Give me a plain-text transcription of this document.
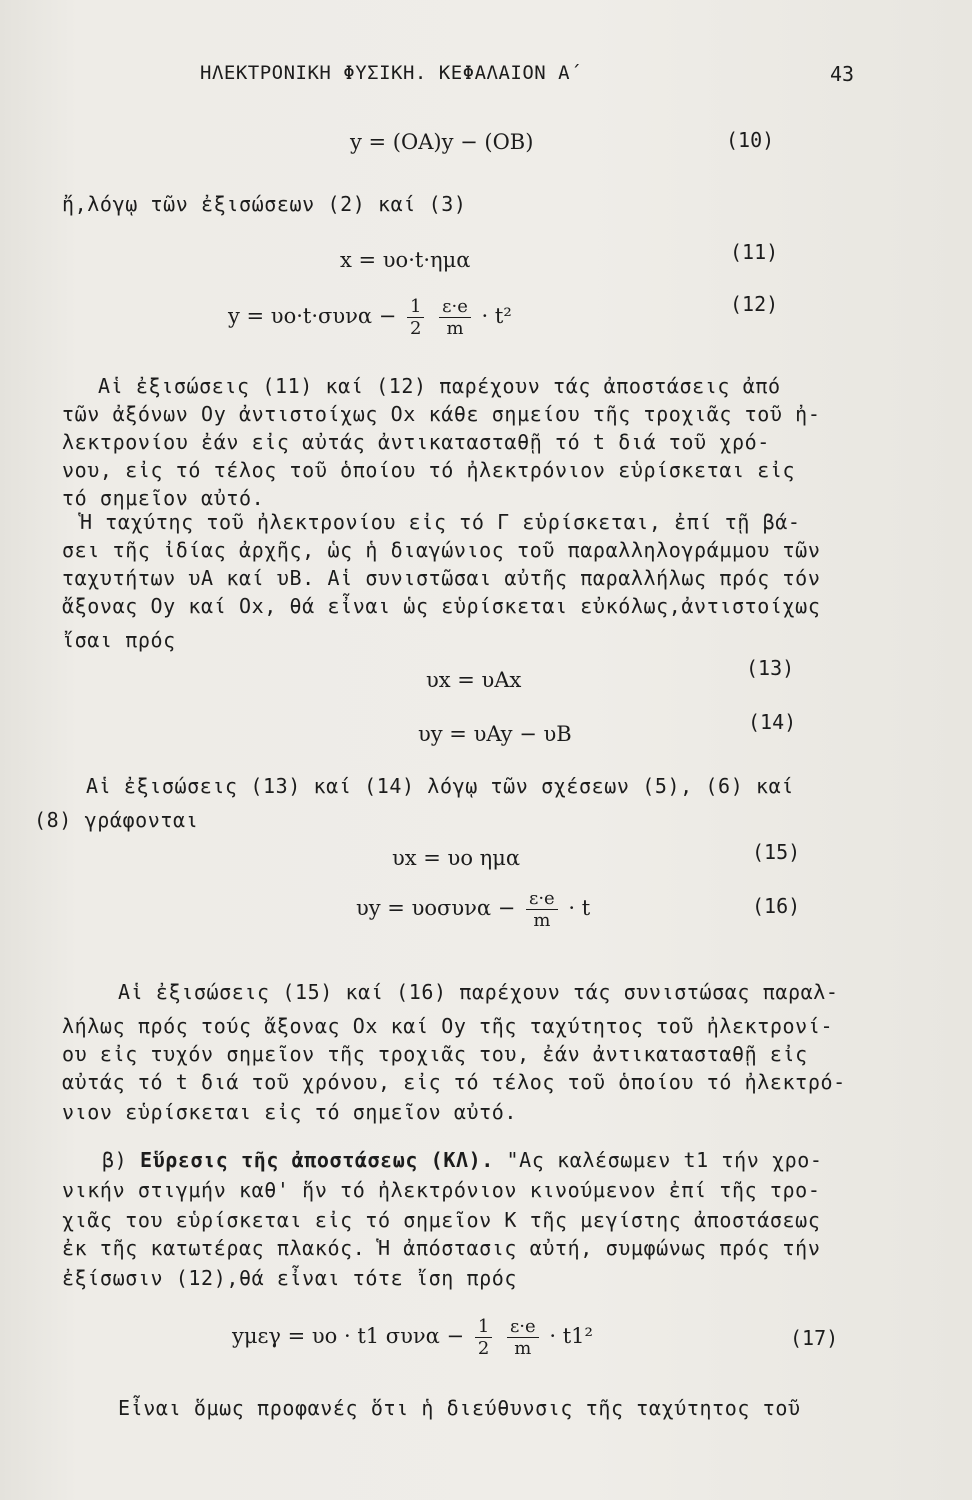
ΗΛΕΚΤΡΟΝΙΚΗ ΦΥΣΙΚΗ. ΚΕΦΑΛΑΙΟΝ Α΄	43
y = (OA)y − (OB)	(10)
ἤ,λόγῳ τῶν ἐξισώσεων (2) καί (3)
x = υo·t·ημα	(11)
$y = \upsilon o\cdot t\cdot\sigma\upsilon\nu\alpha - \frac{1}{2}$
$\frac{\varepsilon\cdot e}{m} \cdot t^2$	(12)
Αἱ ἐξισώσεις (11) καί (12) παρέχουν τάς ἀποστάσεις ἀπό
τῶν ἀξόνων Oy ἀντιστοίχως Ox κάθε σημείου τῆς τροχιᾶς τοῦ ἠ-
λεκτρονίου ἐάν εἰς αὐτάς ἀντικατασταθῇ τό t διά τοῦ χρό-
νου, εἰς τό τέλος τοῦ ὁποίου τό ἠλεκτρόνιον εὑρίσκεται εἰς
τό σημεῖον αὐτό.
Ἡ ταχύτης τοῦ ἠλεκτρονίου εἰς τό Γ εὑρίσκεται, ἐπί τῇ βά-
σει τῆς ἰδίας ἀρχῆς, ὡς ἡ διαγώνιος τοῦ παραλληλογράμμου τῶν
ταχυτήτων υΑ καί υΒ. Αἱ συνιστῶσαι αὐτῆς παραλλήλως πρός τόν
ἄξονας Oy καί Ox, θά εἶναι ὡς εὑρίσκεται εὐκόλως,ἀντιστοίχως
ἴσαι πρός
υx = υAx	(13)
υy = υAy − υB	(14)
Αἱ ἐξισώσεις (13) καί (14) λόγῳ τῶν σχέσεων (5), (6) καί
(8) γράφονται
υx = υo ημα	(15)
$\upsilon y = \upsilon o\sigma\upsilon\nu\alpha - \frac{\varepsilon\cdot e}{m} \cdot t$	(16)
Αἱ ἐξισώσεις (15) καί (16) παρέχουν τάς συνιστώσας παραλ-
λήλως πρός τούς ἄξονας Ox καί Oy τῆς ταχύτητος τοῦ ἠλεκτρονί-
ου εἰς τυχόν σημεῖον τῆς τροχιᾶς του, ἐάν ἀντικατασταθῇ εἰς
αὐτάς τό t διά τοῦ χρόνου, εἰς τό τέλος τοῦ ὁποίου τό ἠλεκτρό-
νιον εὑρίσκεται εἰς τό σημεῖον αὐτό.
β) Εὕρεσις τῆς ἀποστάσεως (ΚΛ). "Ας καλέσωμεν t1 τήν χρο-
νικήν στιγμήν καθ' ἥν τό ἠλεκτρόνιον κινούμενον ἐπί τῆς τρο-
χιᾶς του εὑρίσκεται εἰς τό σημεῖον Κ τῆς μεγίστης ἀποστάσεως
ἐκ τῆς κατωτέρας πλακός. Ἡ ἀπόστασις αὐτή, συμφώνως πρός τήν
ἐξίσωσιν (12),θά εἶναι τότε ἴση πρός
yμεγ = υo · t1 $\sigma\upsilon\nu\alpha - \frac{1}{2}$
$\frac{\varepsilon\cdot e}{m} \cdot t1^2$	(17)
Εἶναι ὅμως προφανές ὅτι ἡ διεύθυνσις τῆς ταχύτητος τοῦ
